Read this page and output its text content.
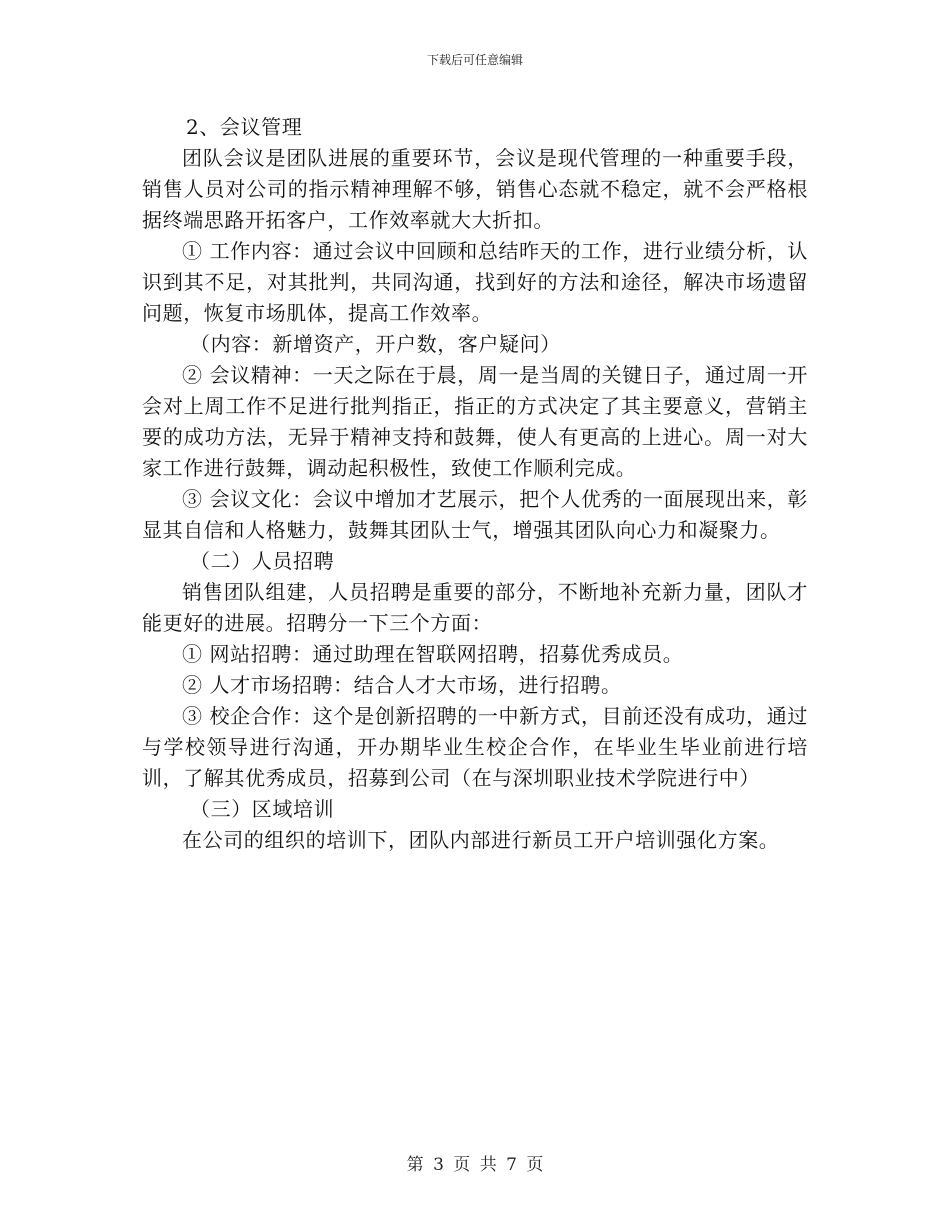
下载后可任意编辑

2、会议管理

团队会议是团队进展的重要环节，会议是现代管理的一种重要手段，销售人员对公司的指示精神理解不够，销售心态就不稳定，就不会严格根据终端思路开拓客户，工作效率就大大折扣。

① 工作内容：通过会议中回顾和总结昨天的工作，进行业绩分析，认识到其不足，对其批判，共同沟通，找到好的方法和途径，解决市场遗留问题，恢复市场肌体，提高工作效率。

（内容：新增资产，开户数，客户疑问）

② 会议精神：一天之际在于晨，周一是当周的关键日子，通过周一开会对上周工作不足进行批判指正，指正的方式决定了其主要意义，营销主要的成功方法，无异于精神支持和鼓舞，使人有更高的上进心。周一对大家工作进行鼓舞，调动起积极性，致使工作顺利完成。

③ 会议文化：会议中增加才艺展示，把个人优秀的一面展现出来，彰显其自信和人格魅力，鼓舞其团队士气，增强其团队向心力和凝聚力。

（二）人员招聘

销售团队组建，人员招聘是重要的部分，不断地补充新力量，团队才能更好的进展。招聘分一下三个方面：

① 网站招聘：通过助理在智联网招聘，招募优秀成员。

② 人才市场招聘：结合人才大市场，进行招聘。

③ 校企合作：这个是创新招聘的一中新方式，目前还没有成功，通过与学校领导进行沟通，开办期毕业生校企合作，在毕业生毕业前进行培训，了解其优秀成员，招募到公司（在与深圳职业技术学院进行中）

（三）区域培训

在公司的组织的培训下，团队内部进行新员工开户培训强化方案。

第 3 页 共 7 页
